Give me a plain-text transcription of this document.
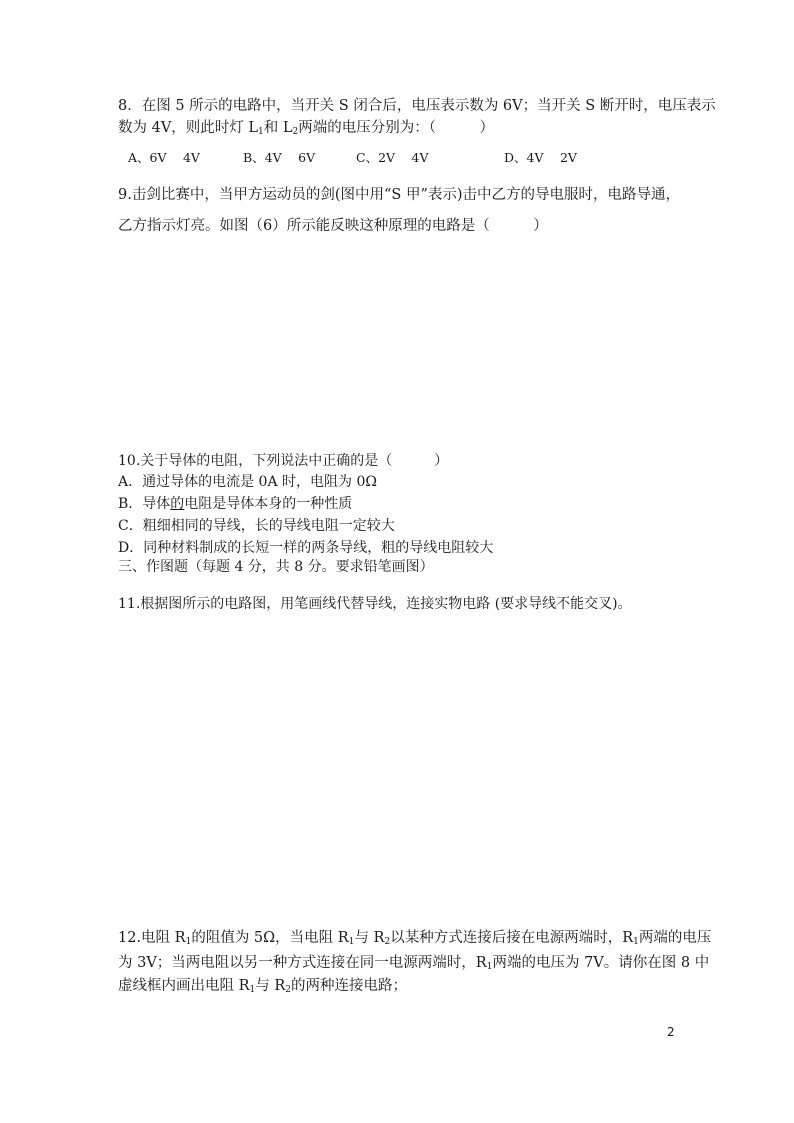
8．在图 5 所示的电路中，当开关 S 闭合后，电压表示数为 6V；当开关 S 断开时，电压表示
数为 4V，则此时灯 $L_1$和 $L_2$两端的电压分别为：（　　　）
A、6V　 4V	B、4V　 6V	C、2V　 4V	D、4V　 2V
9.击剑比赛中，当甲方运动员的剑(图中用“S 甲”表示)击中乙方的导电服时，电路导通，
乙方指示灯亮。如图（6）所示能反映这种原理的电路是（　　　）
10.关于导体的电阻，下列说法中正确的是（　　　）
A．通过导体的电流是 0A 时，电阻为 0Ω
B．导体的电阻是导体本身的一种性质
C．粗细相同的导线，长的导线电阻一定较大
D．同种材料制成的长短一样的两条导线，粗的导线电阻较大
三、作图题（每题 4 分，共 8 分。要求铅笔画图）
11.根据图所示的电路图，用笔画线代替导线，连接实物电路 (要求导线不能交叉)。
12.电阻 $R_1$的阻值为 5Ω，当电阻 $R_1$与 $R_2$以某种方式连接后接在电源两端时，$R_1$两端的电压
为 3V；当两电阻以另一种方式连接在同一电源两端时，$R_1$两端的电压为 7V。请你在图 8 中
虚线框内画出电阻 $R_1$与 $R_2$的两种连接电路；
2
